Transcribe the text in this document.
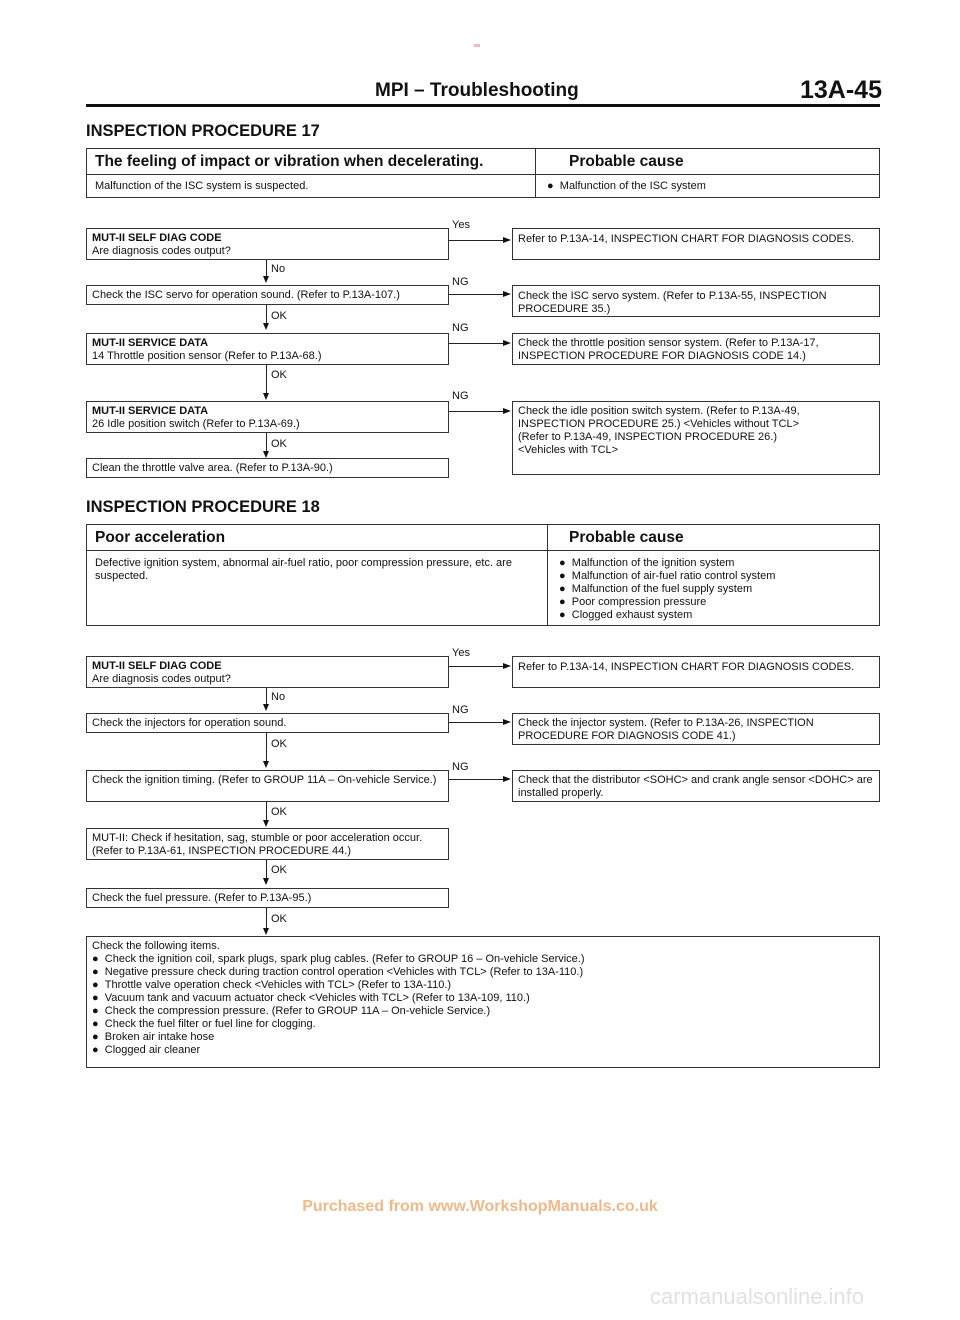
MPI – Troubleshooting	13A-45
INSPECTION PROCEDURE 17
The feeling of impact or vibration when decelerating.	Probable cause
Malfunction of the ISC system is suspected.	● Malfunction of the ISC system
MUT-II SELF DIAG CODE
Are diagnosis codes output?
Yes
Refer to P.13A-14, INSPECTION CHART FOR DIAGNOSIS CODES.
No
Check the ISC servo for operation sound. (Refer to P.13A-107.)
NG
Check the ISC servo system. (Refer to P.13A-55, INSPECTION PROCEDURE 35.)
OK
MUT-II SERVICE DATA
14 Throttle position sensor (Refer to P.13A-68.)
NG
Check the throttle position sensor system. (Refer to P.13A-17, INSPECTION PROCEDURE FOR DIAGNOSIS CODE 14.)
OK
MUT-II SERVICE DATA
26 Idle position switch (Refer to P.13A-69.)
NG
Check the idle position switch system. (Refer to P.13A-49, INSPECTION PROCEDURE 25.) <Vehicles without TCL> (Refer to P.13A-49, INSPECTION PROCEDURE 26.) <Vehicles with TCL>
OK
Clean the throttle valve area. (Refer to P.13A-90.)
INSPECTION PROCEDURE 18
Poor acceleration	Probable cause
Defective ignition system, abnormal air-fuel ratio, poor compression pressure, etc. are suspected.
● Malfunction of the ignition system
● Malfunction of air-fuel ratio control system
● Malfunction of the fuel supply system
● Poor compression pressure
● Clogged exhaust system
MUT-II SELF DIAG CODE
Are diagnosis codes output?
Yes
Refer to P.13A-14, INSPECTION CHART FOR DIAGNOSIS CODES.
No
Check the injectors for operation sound.
NG
Check the injector system. (Refer to P.13A-26, INSPECTION PROCEDURE FOR DIAGNOSIS CODE 41.)
OK
Check the ignition timing. (Refer to GROUP 11A – On-vehicle Service.)
NG
Check that the distributor <SOHC> and crank angle sensor <DOHC> are installed properly.
OK
MUT-II: Check if hesitation, sag, stumble or poor acceleration occur. (Refer to P.13A-61, INSPECTION PROCEDURE 44.)
OK
Check the fuel pressure. (Refer to P.13A-95.)
OK
Check the following items.
● Check the ignition coil, spark plugs, spark plug cables. (Refer to GROUP 16 – On-vehicle Service.)
● Negative pressure check during traction control operation <Vehicles with TCL> (Refer to 13A-110.)
● Throttle valve operation check <Vehicles with TCL> (Refer to 13A-110.)
● Vacuum tank and vacuum actuator check <Vehicles with TCL> (Refer to 13A-109, 110.)
● Check the compression pressure. (Refer to GROUP 11A – On-vehicle Service.)
● Check the fuel filter or fuel line for clogging.
● Broken air intake hose
● Clogged air cleaner
Purchased from www.WorkshopManuals.co.uk
carmanualsonline.info
